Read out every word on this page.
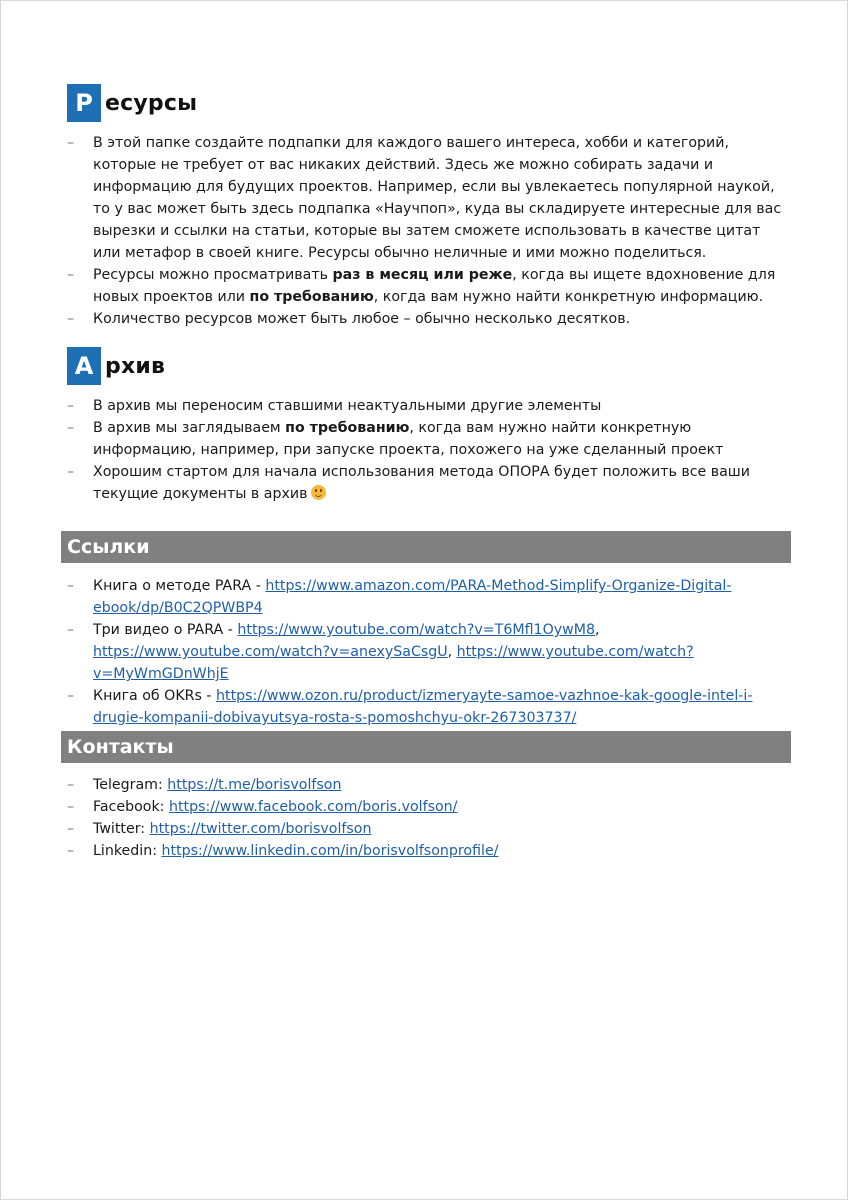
Р есурсы
–	В этой папке создайте подпапки для каждого вашего интереса, хобби и категорий, которые не требует от вас никаких действий. Здесь же можно собирать задачи и информацию для будущих проектов. Например, если вы увлекаетесь популярной наукой, то у вас может быть здесь подпапка «Научпоп», куда вы складируете интересные для вас вырезки и ссылки на статьи, которые вы затем сможете использовать в качестве цитат или метафор в своей книге. Ресурсы обычно неличные и ими можно поделиться.
–	Ресурсы можно просматривать раз в месяц или реже, когда вы ищете вдохновение для новых проектов или по требованию, когда вам нужно найти конкретную информацию.
–	Количество ресурсов может быть любое – обычно несколько десятков.
А рхив
–	В архив мы переносим ставшими неактуальными другие элементы
–	В архив мы заглядываем по требованию, когда вам нужно найти конкретную информацию, например, при запуске проекта, похожего на уже сделанный проект
–	Хорошим стартом для начала использования метода ОПОРА будет положить все ваши текущие документы в архив
Ссылки
–	Книга о методе PARA - https://www.amazon.com/PARA-Method-Simplify-Organize-Digital-ebook/dp/B0C2QPWBP4
–	Три видео о PARA - https://www.youtube.com/watch?v=T6Mfl1OywM8, https://www.youtube.com/watch?v=anexySaCsgU, https://www.youtube.com/watch?v=MyWmGDnWhjE
–	Книга об OKRs - https://www.ozon.ru/product/izmeryayte-samoe-vazhnoe-kak-google-intel-i-drugie-kompanii-dobivayutsya-rosta-s-pomoshchyu-okr-267303737/
Контакты
–	Telegram: https://t.me/borisvolfson
–	Facebook: https://www.facebook.com/boris.volfson/
–	Twitter: https://twitter.com/borisvolfson
–	Linkedin: https://www.linkedin.com/in/borisvolfsonprofile/
